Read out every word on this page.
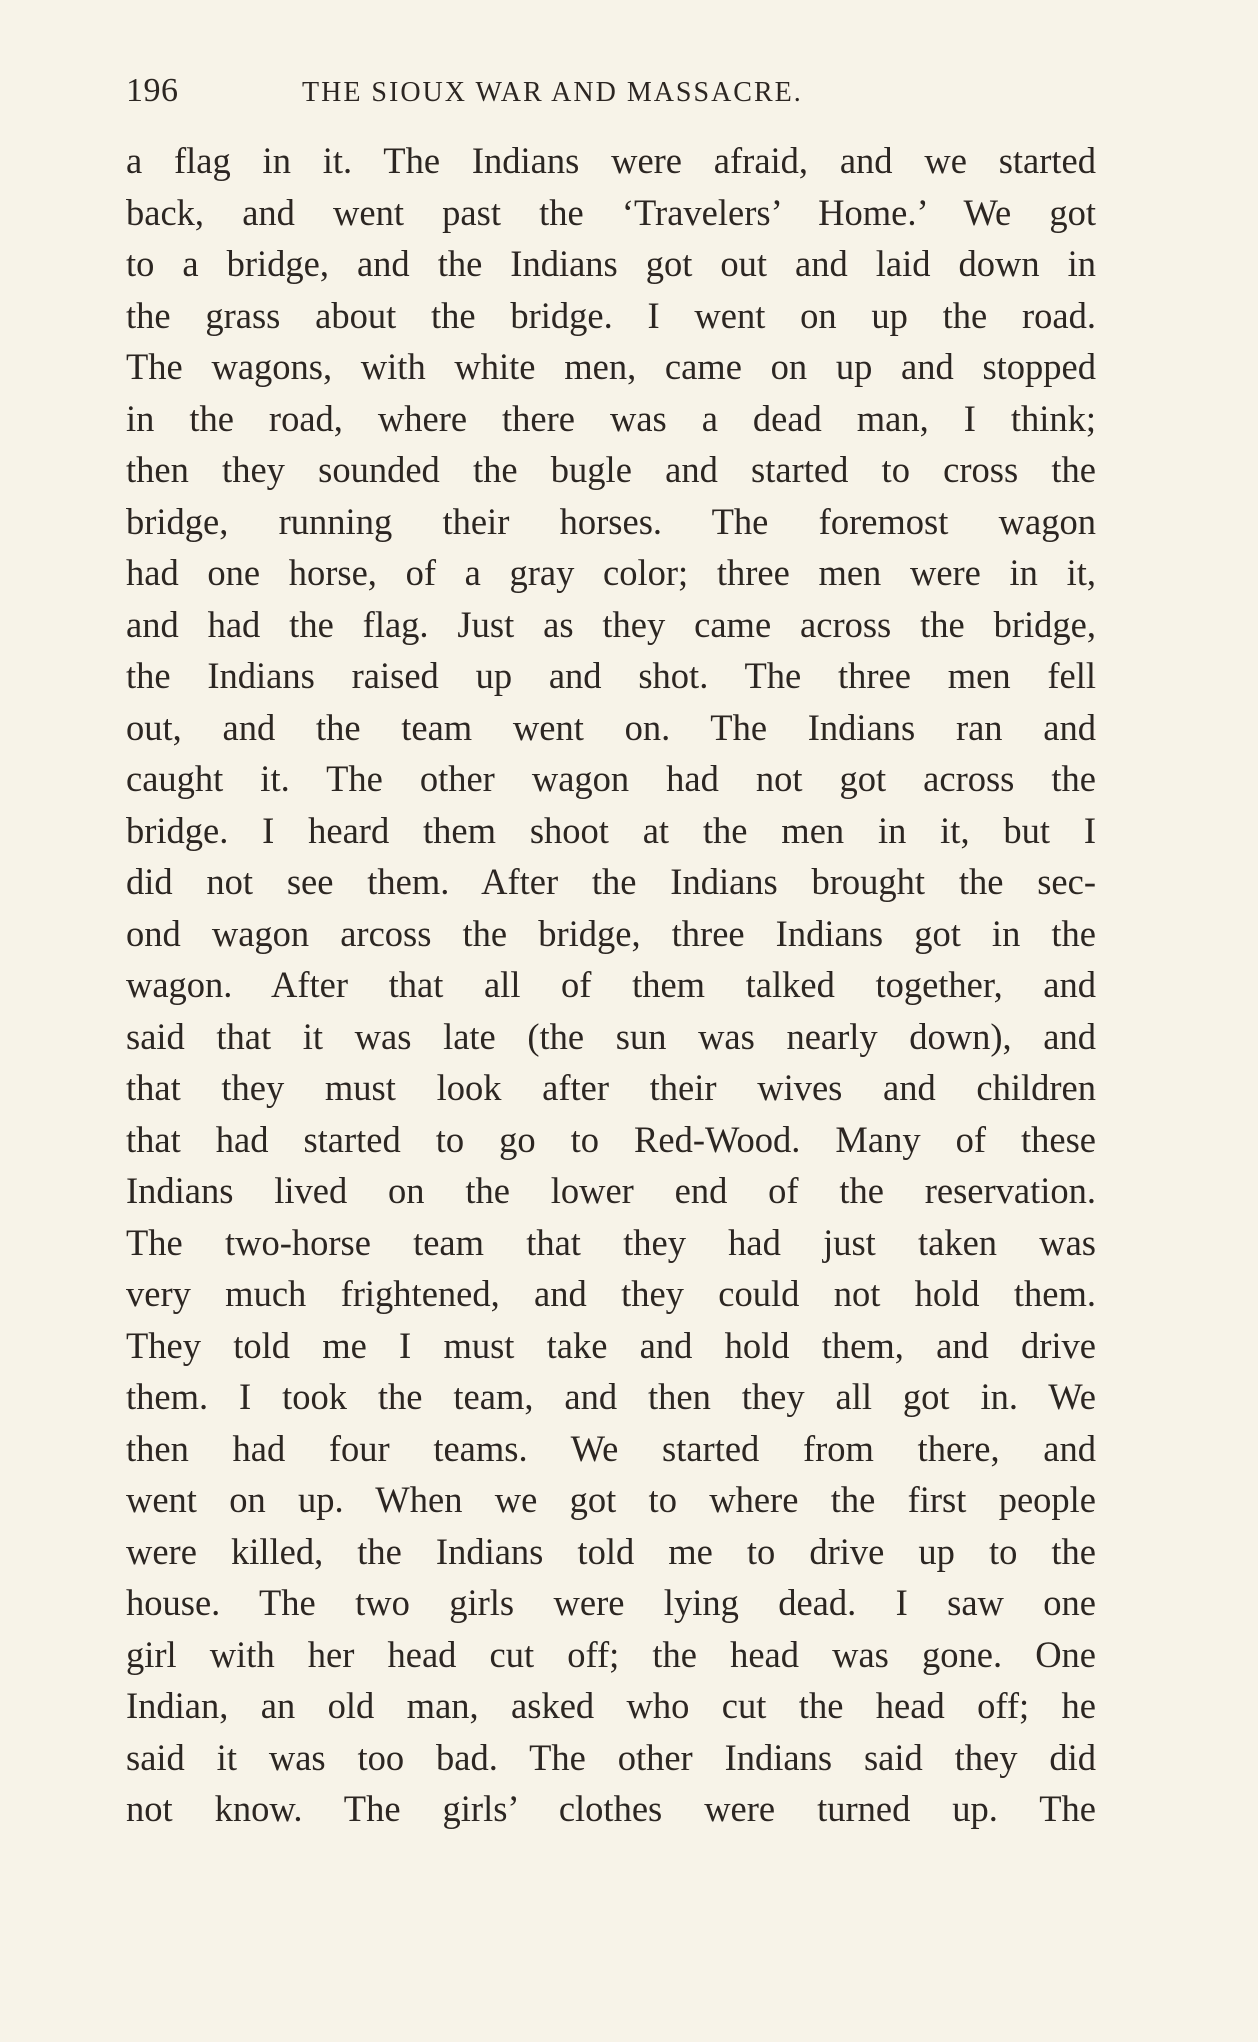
196	THE SIOUX WAR AND MASSACRE.
a flag in it. The Indians were afraid, and we started
back, and went past the ‘Travelers’ Home.’ We got
to a bridge, and the Indians got out and laid down in
the grass about the bridge. I went on up the road.
The wagons, with white men, came on up and stopped
in the road, where there was a dead man, I think;
then they sounded the bugle and started to cross the
bridge, running their horses. The foremost wagon
had one horse, of a gray color; three men were in it,
and had the flag. Just as they came across the bridge,
the Indians raised up and shot. The three men fell
out, and the team went on. The Indians ran and
caught it. The other wagon had not got across the
bridge. I heard them shoot at the men in it, but I
did not see them. After the Indians brought the sec-
ond wagon arcoss the bridge, three Indians got in the
wagon. After that all of them talked together, and
said that it was late (the sun was nearly down), and
that they must look after their wives and children
that had started to go to Red-Wood. Many of these
Indians lived on the lower end of the reservation.
The two-horse team that they had just taken was
very much frightened, and they could not hold them.
They told me I must take and hold them, and drive
them. I took the team, and then they all got in. We
then had four teams. We started from there, and
went on up. When we got to where the first people
were killed, the Indians told me to drive up to the
house. The two girls were lying dead. I saw one
girl with her head cut off; the head was gone. One
Indian, an old man, asked who cut the head off; he
said it was too bad. The other Indians said they did
not know. The girls’ clothes were turned up. The
